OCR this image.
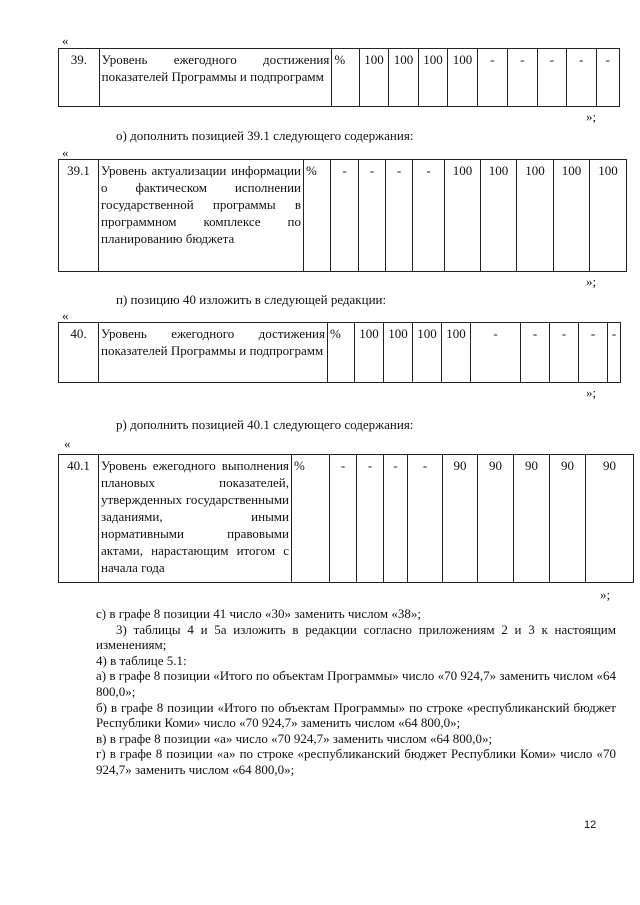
«
39.	Уровень ежегодного достижения показателей Программы и подпрограмм	%	100	100	100	100	-	-	-	-	-
»;
о) дополнить позицией 39.1 следующего содержания:
«
39.1	Уровень актуализации информации о фактическом исполнении государственной программы в программном комплексе по планированию бюджета	%	-	-	-	-	100	100	100	100	100
»;
п) позицию 40 изложить в следующей редакции:
«
40.	Уровень ежегодного достижения показателей Программы и подпрограмм	%	100	100	100	100	-	-	-	-	-
»;
р) дополнить позицией 40.1 следующего содержания:
«
40.1	Уровень ежегодного выполнения плановых показателей, утвержденных государственными заданиями, иными нормативными правовыми актами, нарастающим итогом с начала года	%	-	-	-	-	90	90	90	90	90
»;

с) в графе 8 позиции 41 число «30» заменить числом «38»;

3) таблицы 4 и 5а изложить в редакции согласно приложениям 2 и 3 к настоящим изменениям;

4) в таблице 5.1:

а) в графе 8 позиции «Итого по объектам Программы» число «70 924,7» заменить числом «64 800,0»;

б) в графе 8 позиции «Итого по объектам Программы» по строке «республиканский бюджет Республики Коми» число «70 924,7» заменить числом «64 800,0»;

в) в графе 8 позиции «а» число «70 924,7» заменить числом «64 800,0»;

г) в графе 8 позиции «а» по строке «республиканский бюджет Республики Коми» число «70 924,7» заменить числом «64 800,0»;

12
